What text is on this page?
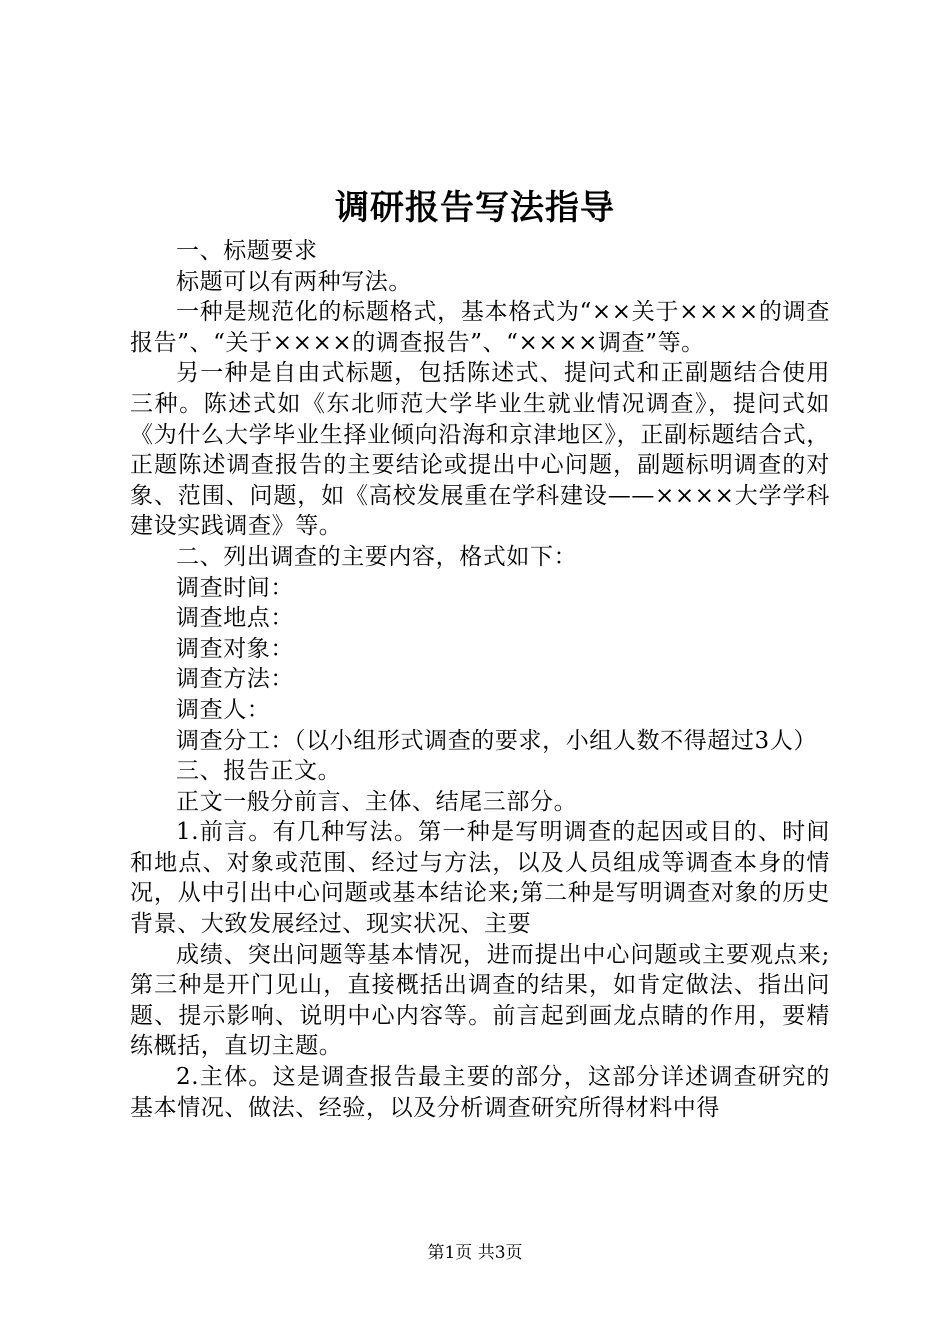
调研报告写法指导

一、标题要求

标题可以有两种写法。

一种是规范化的标题格式，基本格式为“××关于××××的调查报告”、“关于××××的调查报告”、“××××调查”等。

另一种是自由式标题，包括陈述式、提问式和正副题结合使用三种。陈述式如《东北师范大学毕业生就业情况调查》，提问式如《为什么大学毕业生择业倾向沿海和京津地区》，正副标题结合式，正题陈述调查报告的主要结论或提出中心问题，副题标明调查的对象、范围、问题，如《高校发展重在学科建设——××××大学学科建设实践调查》等。

二、列出调查的主要内容，格式如下：

调查时间：

调查地点：

调查对象：

调查方法：

调查人：

调查分工：（以小组形式调查的要求，小组人数不得超过3人）

三、报告正文。

正文一般分前言、主体、结尾三部分。

1.前言。有几种写法。第一种是写明调查的起因或目的、时间和地点、对象或范围、经过与方法，以及人员组成等调查本身的情况，从中引出中心问题或基本结论来;第二种是写明调查对象的历史背景、大致发展经过、现实状况、主要

成绩、突出问题等基本情况，进而提出中心问题或主要观点来;第三种是开门见山，直接概括出调查的结果，如肯定做法、指出问题、提示影响、说明中心内容等。前言起到画龙点睛的作用，要精练概括，直切主题。

2.主体。这是调查报告最主要的部分，这部分详述调查研究的基本情况、做法、经验，以及分析调查研究所得材料中得

第1页 共3页
